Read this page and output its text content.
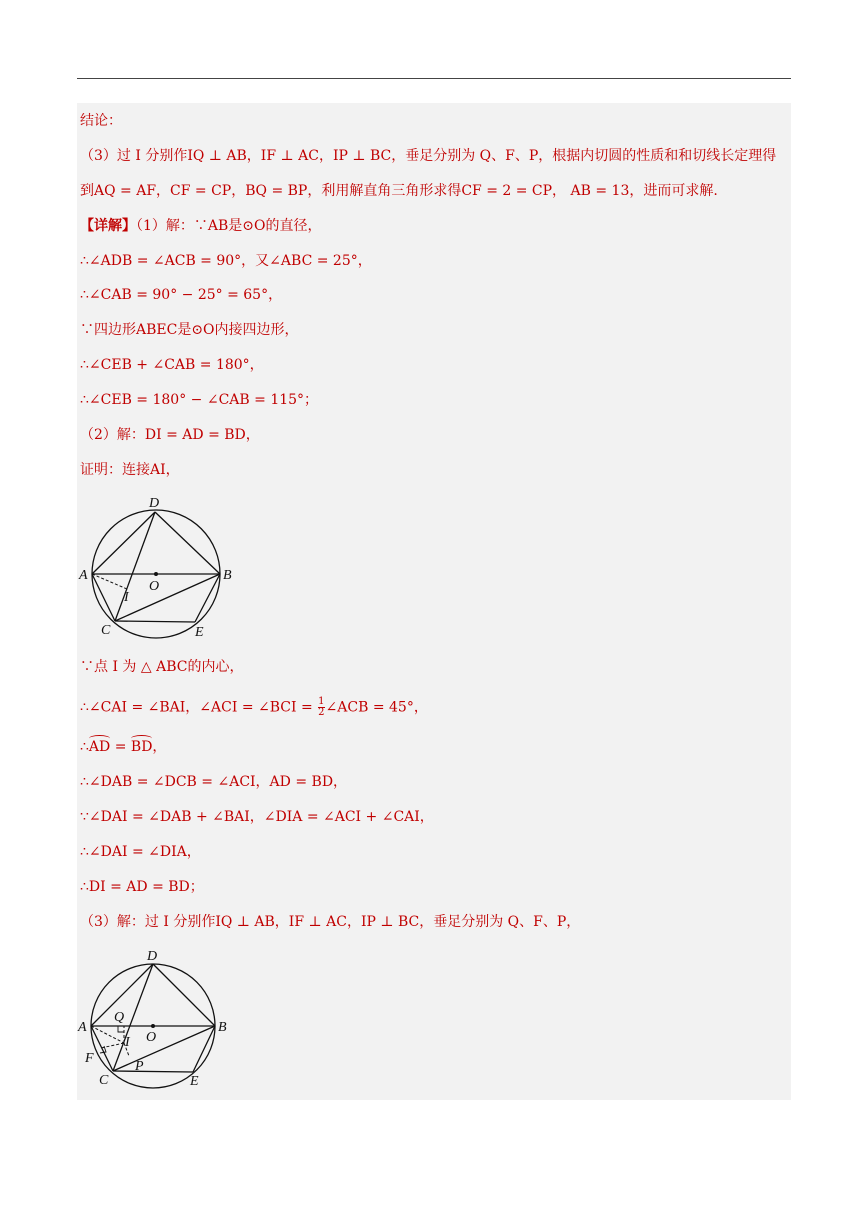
结论：
（3）过 I 分别作IQ ⊥ AB，IF ⊥ AC，IP ⊥ BC，垂足分别为 Q、F、P，根据内切圆的性质和和切线长定理得
到AQ = AF，CF = CP，BQ = BP，利用解直角三角形求得CF = 2 = CP， AB = 13，进而可求解.
【详解】（1）解：∵AB是⊙O的直径，
∴∠ADB = ∠ACB = 90°，又∠ABC = 25°，
∴∠CAB = 90° − 25° = 65°，
∵四边形ABEC是⊙O内接四边形，
∴∠CEB + ∠CAB = 180°，
∴∠CEB = 180° − ∠CAB = 115°；
（2）解：DI = AD = BD，
证明：连接AI，
D
A
O
B
I
C	E
∵点 I 为 △ ABC的内心，
∴∠CAI = ∠BAI，∠ACI = ∠BCI = $\frac{1}{2}$ ∠ACB = 45°，
∴
AD =
BD，
∴∠DAB = ∠DCB = ∠ACI，AD = BD，
∵∠DAI = ∠DAB + ∠BAI，∠DIA = ∠ACI + ∠CAI，
∴∠DAI = ∠DIA，
∴DI = AD = BD；
（3）解：过 I 分别作IQ ⊥ AB，IF ⊥ AC，IP ⊥ BC，垂足分别为 Q、F、P，
D
A
Q
O
B
F
I
C
P
E
